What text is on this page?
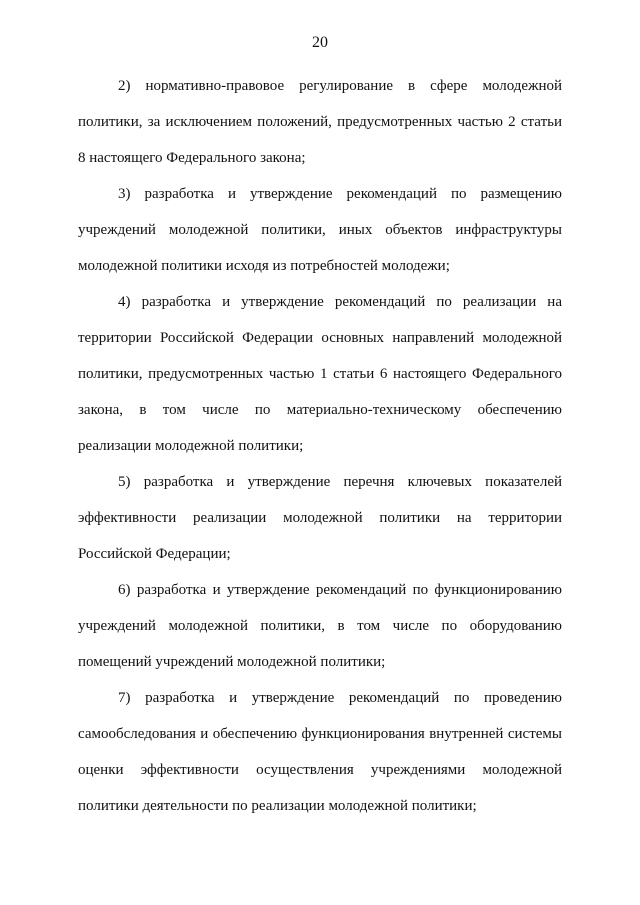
20

2) нормативно-правовое регулирование в сфере молодежной политики, за исключением положений, предусмотренных частью 2 статьи 8 настоящего Федерального закона;

3) разработка и утверждение рекомендаций по размещению учреждений молодежной политики, иных объектов инфраструктуры молодежной политики исходя из потребностей молодежи;

4) разработка и утверждение рекомендаций по реализации на территории Российской Федерации основных направлений молодежной политики, предусмотренных частью 1 статьи 6 настоящего Федерального закона, в том числе по материально-техническому обеспечению реализации молодежной политики;

5) разработка и утверждение перечня ключевых показателей эффективности реализации молодежной политики на территории Российской Федерации;

6) разработка и утверждение рекомендаций по функционированию учреждений молодежной политики, в том числе по оборудованию помещений учреждений молодежной политики;

7) разработка и утверждение рекомендаций по проведению самообследования и обеспечению функционирования внутренней системы оценки эффективности осуществления учреждениями молодежной политики деятельности по реализации молодежной политики;
